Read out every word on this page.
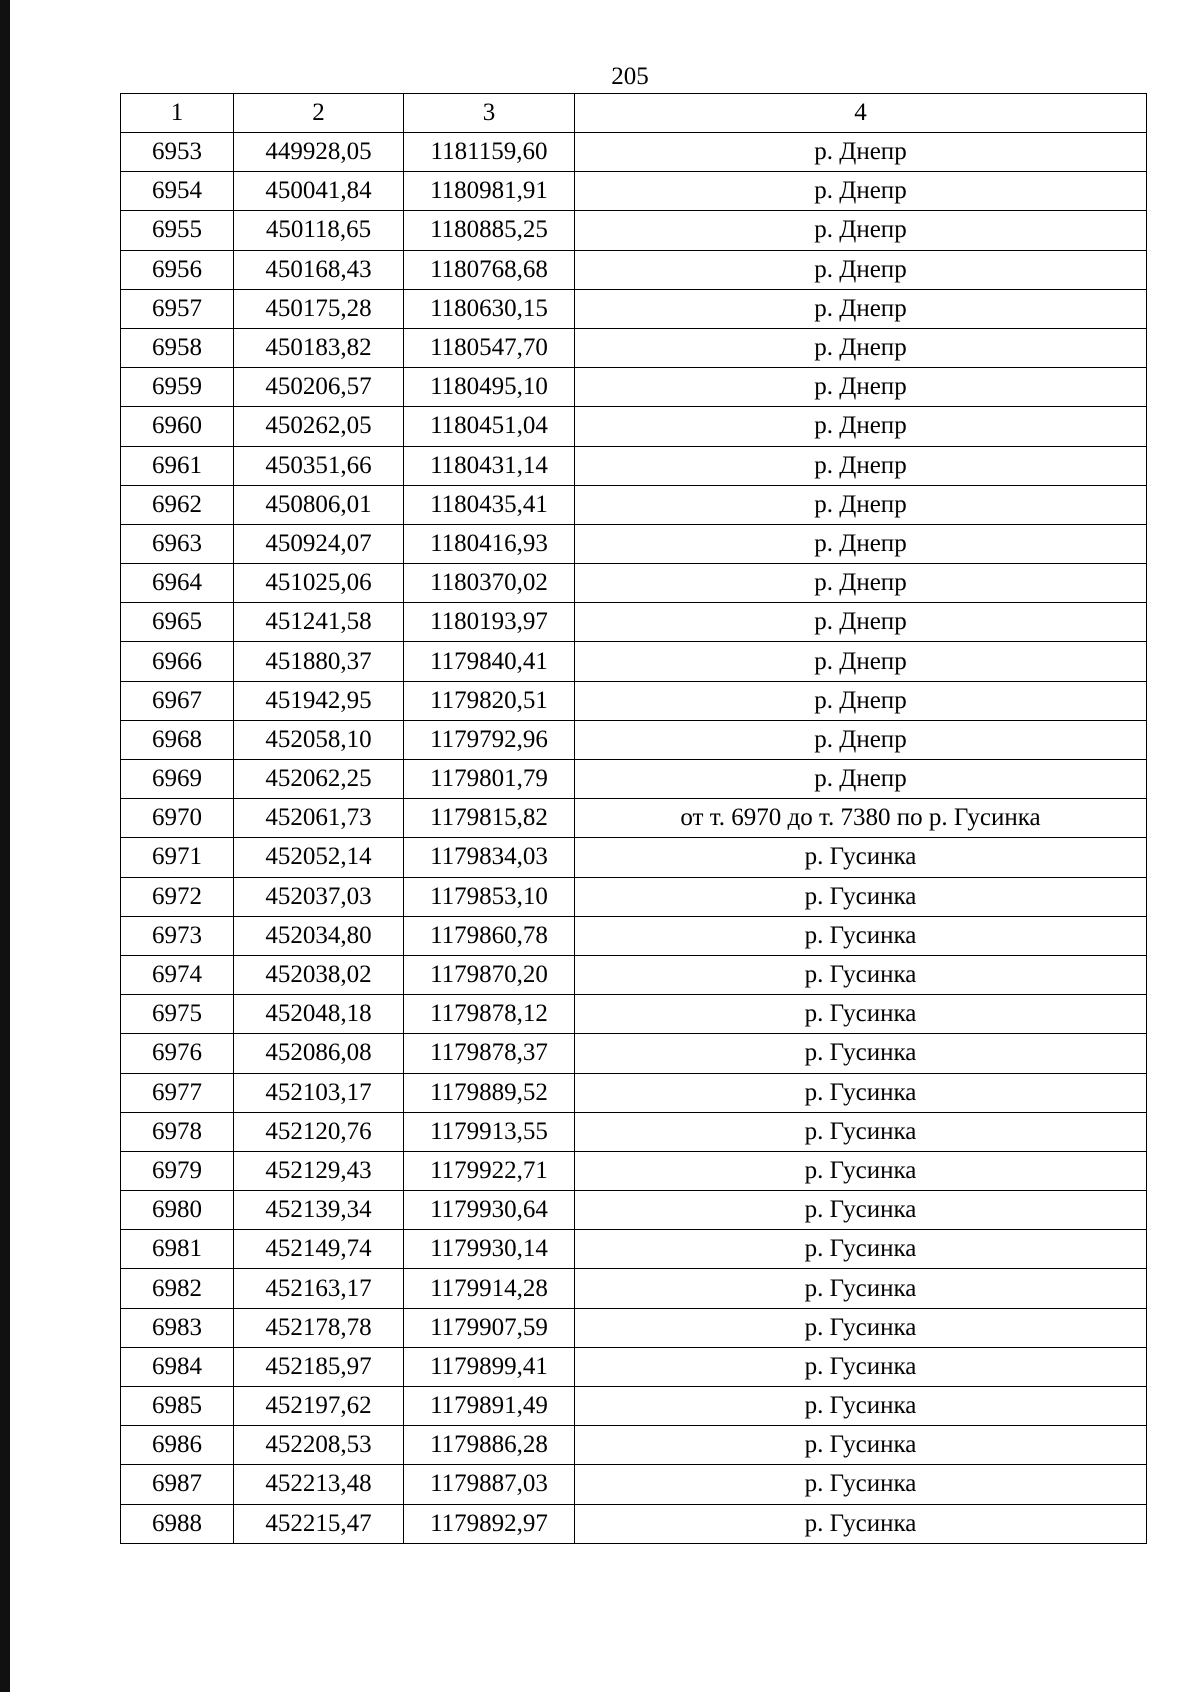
205
1	2	3	4
6953	449928,05	1181159,60	р. Днепр
6954	450041,84	1180981,91	р. Днепр
6955	450118,65	1180885,25	р. Днепр
6956	450168,43	1180768,68	р. Днепр
6957	450175,28	1180630,15	р. Днепр
6958	450183,82	1180547,70	р. Днепр
6959	450206,57	1180495,10	р. Днепр
6960	450262,05	1180451,04	р. Днепр
6961	450351,66	1180431,14	р. Днепр
6962	450806,01	1180435,41	р. Днепр
6963	450924,07	1180416,93	р. Днепр
6964	451025,06	1180370,02	р. Днепр
6965	451241,58	1180193,97	р. Днепр
6966	451880,37	1179840,41	р. Днепр
6967	451942,95	1179820,51	р. Днепр
6968	452058,10	1179792,96	р. Днепр
6969	452062,25	1179801,79	р. Днепр
6970	452061,73	1179815,82	от т. 6970 до т. 7380 по р. Гусинка
6971	452052,14	1179834,03	р. Гусинка
6972	452037,03	1179853,10	р. Гусинка
6973	452034,80	1179860,78	р. Гусинка
6974	452038,02	1179870,20	р. Гусинка
6975	452048,18	1179878,12	р. Гусинка
6976	452086,08	1179878,37	р. Гусинка
6977	452103,17	1179889,52	р. Гусинка
6978	452120,76	1179913,55	р. Гусинка
6979	452129,43	1179922,71	р. Гусинка
6980	452139,34	1179930,64	р. Гусинка
6981	452149,74	1179930,14	р. Гусинка
6982	452163,17	1179914,28	р. Гусинка
6983	452178,78	1179907,59	р. Гусинка
6984	452185,97	1179899,41	р. Гусинка
6985	452197,62	1179891,49	р. Гусинка
6986	452208,53	1179886,28	р. Гусинка
6987	452213,48	1179887,03	р. Гусинка
6988	452215,47	1179892,97	р. Гусинка
